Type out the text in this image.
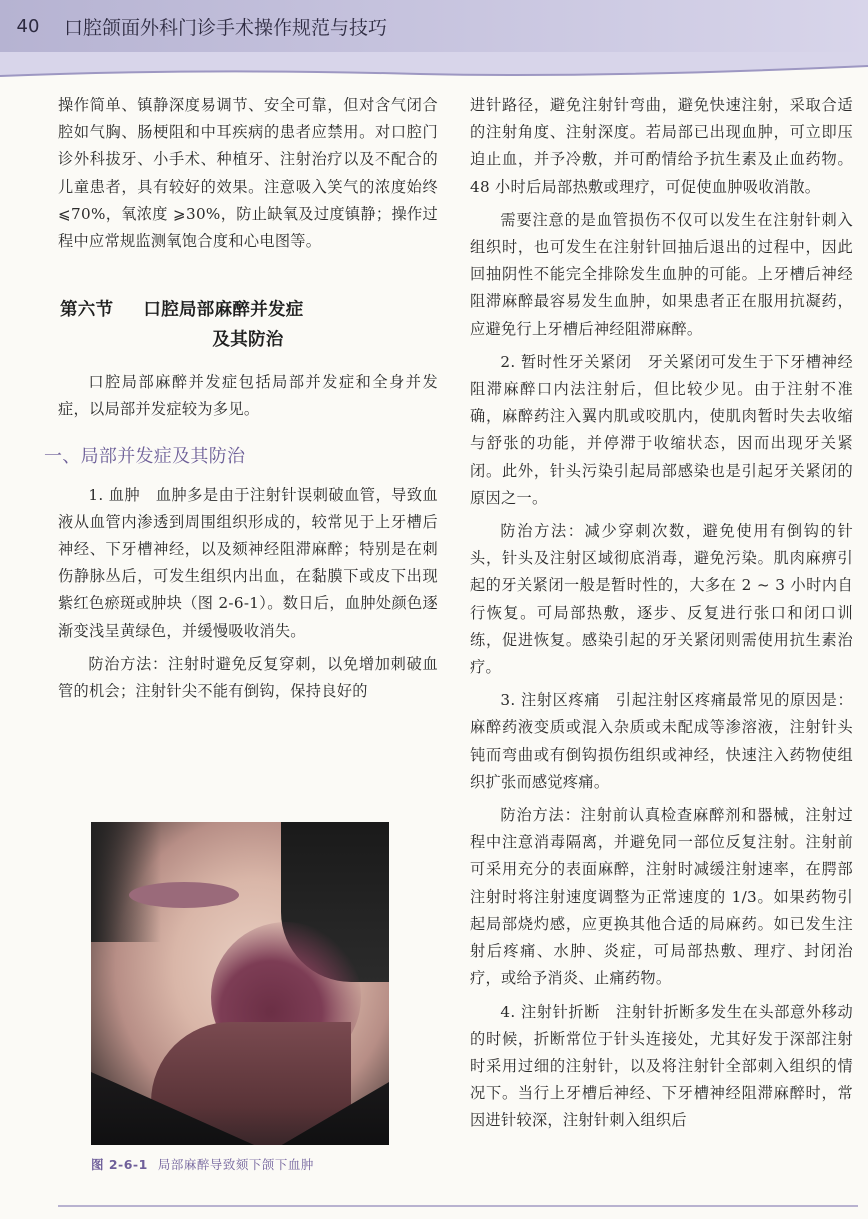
40	口腔颌面外科门诊手术操作规范与技巧

操作简单、镇静深度易调节、安全可靠，但对含气闭合腔如气胸、肠梗阻和中耳疾病的患者应禁用。对口腔门诊外科拔牙、小手术、种植牙、注射治疗以及不配合的儿童患者，具有较好的效果。注意吸入笑气的浓度始终 ⩽70%，氧浓度 ⩾30%，防止缺氧及过度镇静；操作过程中应常规监测氧饱合度和心电图等。

第六节 口腔局部麻醉并发症
及其防治

口腔局部麻醉并发症包括局部并发症和全身并发症，以局部并发症较为多见。

一、局部并发症及其防治

1. 血肿　血肿多是由于注射针误刺破血管，导致血液从血管内渗透到周围组织形成的，较常见于上牙槽后神经、下牙槽神经，以及颏神经阻滞麻醉；特别是在刺伤静脉丛后，可发生组织内出血，在黏膜下或皮下出现紫红色瘀斑或肿块（图 2-6-1）。数日后，血肿处颜色逐渐变浅呈黄绿色，并缓慢吸收消失。

防治方法：注射时避免反复穿刺，以免增加刺破血管的机会；注射针尖不能有倒钩，保持良好的

图 2-6-1 局部麻醉导致颏下颌下血肿

进针路径，避免注射针弯曲，避免快速注射，采取合适的注射角度、注射深度。若局部已出现血肿，可立即压迫止血，并予冷敷，并可酌情给予抗生素及止血药物。48 小时后局部热敷或理疗，可促使血肿吸收消散。

需要注意的是血管损伤不仅可以发生在注射针刺入组织时，也可发生在注射针回抽后退出的过程中，因此回抽阴性不能完全排除发生血肿的可能。上牙槽后神经阻滞麻醉最容易发生血肿，如果患者正在服用抗凝药，应避免行上牙槽后神经阻滞麻醉。

2. 暂时性牙关紧闭　牙关紧闭可发生于下牙槽神经阻滞麻醉口内法注射后，但比较少见。由于注射不准确，麻醉药注入翼内肌或咬肌内，使肌肉暂时失去收缩与舒张的功能，并停滞于收缩状态，因而出现牙关紧闭。此外，针头污染引起局部感染也是引起牙关紧闭的原因之一。

防治方法：减少穿刺次数，避免使用有倒钩的针头，针头及注射区域彻底消毒，避免污染。肌肉麻痹引起的牙关紧闭一般是暂时性的，大多在 2 ~ 3 小时内自行恢复。可局部热敷，逐步、反复进行张口和闭口训练，促进恢复。感染引起的牙关紧闭则需使用抗生素治疗。

3. 注射区疼痛　引起注射区疼痛最常见的原因是：麻醉药液变质或混入杂质或未配成等渗溶液，注射针头钝而弯曲或有倒钩损伤组织或神经，快速注入药物使组织扩张而感觉疼痛。

防治方法：注射前认真检查麻醉剂和器械，注射过程中注意消毒隔离，并避免同一部位反复注射。注射前可采用充分的表面麻醉，注射时减缓注射速率，在腭部注射时将注射速度调整为正常速度的 1/3。如果药物引起局部烧灼感，应更换其他合适的局麻药。如已发生注射后疼痛、水肿、炎症，可局部热敷、理疗、封闭治疗，或给予消炎、止痛药物。

4. 注射针折断　注射针折断多发生在头部意外移动的时候，折断常位于针头连接处，尤其好发于深部注射时采用过细的注射针，以及将注射针全部刺入组织的情况下。当行上牙槽后神经、下牙槽神经阻滞麻醉时，常因进针较深，注射针刺入组织后
